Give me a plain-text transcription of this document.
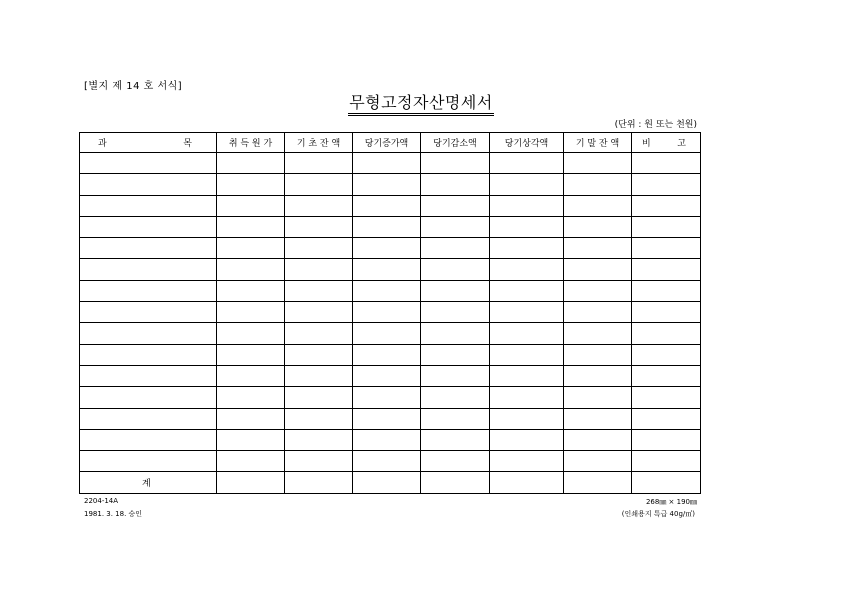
[별지 제 14 호 서식]
무형고정자산명세서
(단위 : 원 또는 천원)
과 목	취 득 원 가	기 초 잔 액	당기증가액	당기감소액	당기상각액	기 말 잔 액	비 고

계							
2204-14A
1981. 3. 18. 승인
268㎜ × 190㎜
(인쇄용지 특급 40g/㎡)
